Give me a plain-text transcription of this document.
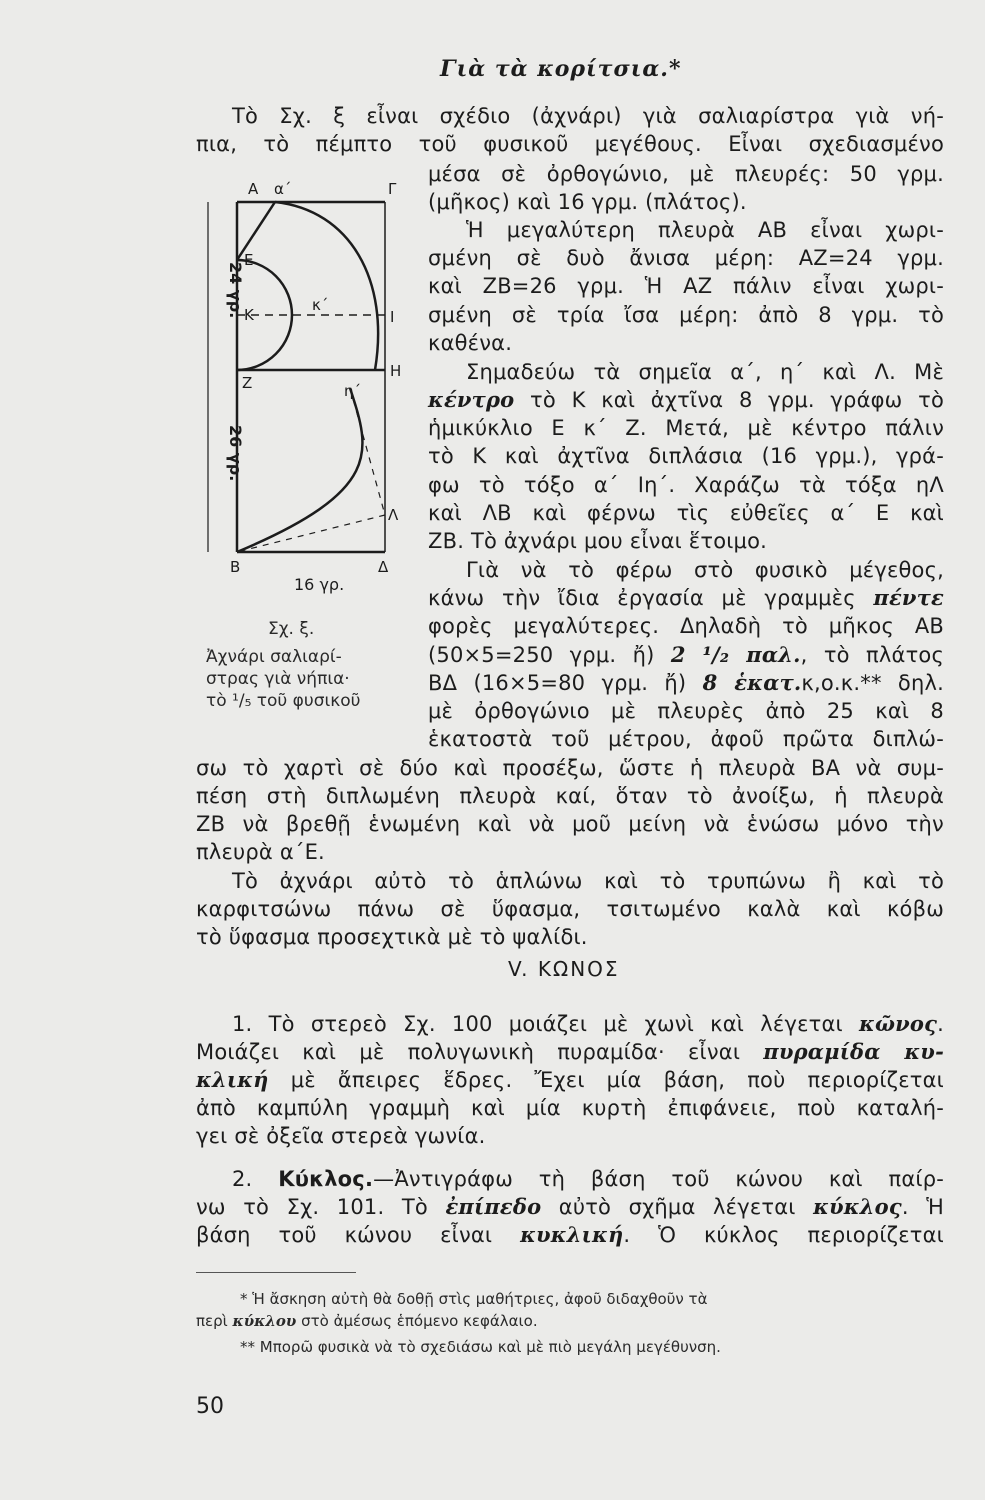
Γιὰ τὰ κορίτσια.*
Τὸ Σχ. ξ εἶναι σχέδιο (ἀχνάρι) γιὰ σαλιαρίστρα γιὰ νή-
πια, τὸ πέμπτο τοῦ φυσικοῦ μεγέθους. Εἶναι σχεδιασμένο
μέσα σὲ ὀρθογώνιο, μὲ πλευρές: 50 γρμ.
(μῆκος) καὶ 16 γρμ. (πλάτος).
Ἡ μεγαλύτερη πλευρὰ ΑΒ εἶναι χωρι-
σμένη σὲ δυὸ ἄνισα μέρη: ΑΖ=24 γρμ.
καὶ ΖΒ=26 γρμ. Ἡ ΑΖ πάλιν εἶναι χωρι-
σμένη σὲ τρία ἴσα μέρη: ἀπὸ 8 γρμ. τὸ
καθένα.
Σημαδεύω τὰ σημεῖα α΄, η΄ καὶ Λ. Μὲ
κέντρο τὸ Κ καὶ ἀχτῖνα 8 γρμ. γράφω τὸ
ἡμικύκλιο Ε κ΄ Ζ. Μετά, μὲ κέντρο πάλιν
τὸ Κ καὶ ἀχτῖνα διπλάσια (16 γρμ.), γρά-
φω τὸ τόξο α΄ Ιη΄. Χαράζω τὰ τόξα ηΛ
καὶ ΛΒ καὶ φέρνω τὶς εὐθεῖες α΄ Ε καὶ
ΖΒ. Τὸ ἀχνάρι μου εἶναι ἕτοιμο.
Γιὰ νὰ τὸ φέρω στὸ φυσικὸ μέγεθος,
κάνω τὴν ἴδια ἐργασία μὲ γραμμὲς πέντε
φορὲς μεγαλύτερες. Δηλαδὴ τὸ μῆκος ΑΒ
(50×5=250 γρμ. ἤ) 2 ¹/₂ παλ., τὸ πλάτος
ΒΔ (16×5=80 γρμ. ἤ) 8 ἑκατ.κ,ο.κ.** δηλ.
μὲ ὀρθογώνιο μὲ πλευρὲς ἀπὸ 25 καὶ 8
ἑκατοστὰ τοῦ μέτρου, ἀφοῦ πρῶτα διπλώ-
σω τὸ χαρτὶ σὲ δύο καὶ προσέξω, ὥστε ἡ πλευρὰ ΒΑ νὰ συμ-
πέση στὴ διπλωμένη πλευρὰ καί, ὅταν τὸ ἀνοίξω, ἡ πλευρὰ
ΖΒ νὰ βρεθῇ ἑνωμένη καὶ νὰ μοῦ μείνη νὰ ἑνώσω μόνο τὴν
πλευρὰ α΄Ε.
Τὸ ἀχνάρι αὐτὸ τὸ ἁπλώνω καὶ τὸ τρυπώνω ἢ καὶ τὸ
καρφιτσώνω πάνω σὲ ὕφασμα, τσιτωμένο καλὰ καὶ κόβω
τὸ ὕφασμα προσεχτικὰ μὲ τὸ ψαλίδι.
V. ΚΩΝΟΣ
1. Τὸ στερεὸ Σχ. 100 μοιάζει μὲ χωνὶ καὶ λέγεται κῶνος.
Μοιάζει καὶ μὲ πολυγωνικὴ πυραμίδα· εἶναι πυραμίδα κυ-
κλική μὲ ἄπειρες ἕδρες. Ἔχει μία βάση, ποὺ περιορίζεται
ἀπὸ καμπύλη γραμμὴ καὶ μία κυρτὴ ἐπιφάνειε, ποὺ καταλή-
γει σὲ ὀξεῖα στερεὰ γωνία.
2. Κύκλος.—Ἀντιγράφω τὴ βάση τοῦ κώνου καὶ παίρ-
νω τὸ Σχ. 101. Τὸ ἐπίπεδο αὐτὸ σχῆμα λέγεται κύκλος. Ἡ
βάση τοῦ κώνου εἶναι κυκλική. Ὁ κύκλος περιορίζεται
* Ἡ ἄσκηση αὐτὴ θὰ δοθῇ στὶς μαθήτριες, ἀφοῦ διδαχθοῦν τὰ
περὶ κύκλου στὸ ἀμέσως ἑπόμενο κεφάλαιο.
** Μπορῶ φυσικὰ νὰ τὸ σχεδιάσω καὶ μὲ πιὸ μεγάλη μεγέθυνση.
50
Α α΄	Γ
Ε
Κ
κ΄
Ι
Ζ
Η
η΄
Λ
Β	Δ
16 γρ.
24 γρ.
26 γρ.
Σχ. ξ.
Ἀχνάρι σαλιαρί-
στρας γιὰ νήπια·
τὸ ¹/₅ τοῦ φυσικοῦ
